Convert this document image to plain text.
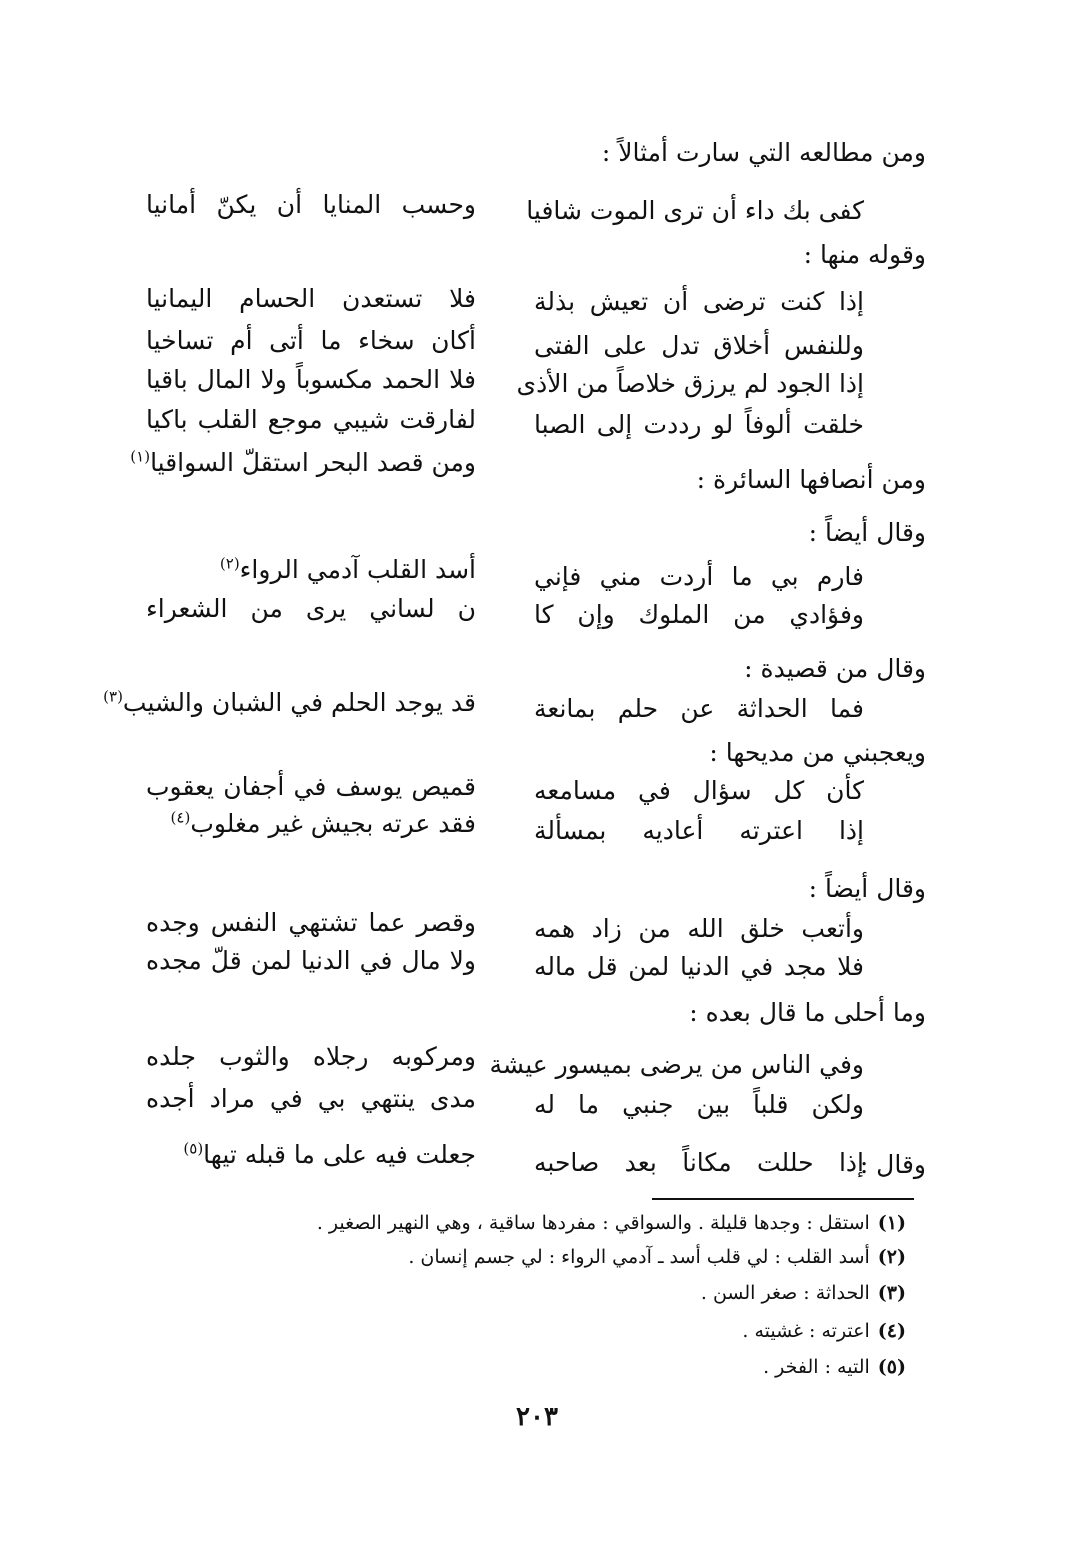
ومن مطالعه التي سارت أمثالاً :
كفى بك داء أن ترى الموت شافيا
وحسب المنايا أن يكنّ أمانيا
وقوله منها :
إذا كنت ترضى أن تعيش بذلة
فلا تستعدن الحسام اليمانيا
وللنفس أخلاق تدل على الفتى
أكان سخاء ما أتى أم تساخيا
إذا الجود لم يرزق خلاصاً من الأذى
فلا الحمد مكسوباً ولا المال باقيا
خلقت ألوفاً لو رددت إلى الصبا
لفارقت شيبي موجع القلب باكيا
ومن قصد البحر استقلّ السواقيا$^{(١)}$
ومن أنصافها السائرة :
وقال أيضاً :
فارم بي ما أردت مني فإني
أسد القلب آدمي الرواء$^{(٢)}$
وفؤادي من الملوك وإن كا
ن لساني يرى من الشعراء
وقال من قصيدة :
فما الحداثة عن حلم بمانعة
قد يوجد الحلم في الشبان والشيب$^{(٣)}$
ويعجبني من مديحها :
كأن كل سؤال في مسامعه
قميص يوسف في أجفان يعقوب
إذا اعترته أعاديه بمسألة
فقد عرته بجيش غير مغلوب$^{(٤)}$
وقال أيضاً :
وأتعب خلق الله من زاد همه
وقصر عما تشتهي النفس وجده
فلا مجد في الدنيا لمن قل ماله
ولا مال في الدنيا لمن قلّ مجده
وما أحلى ما قال بعده :
وفي الناس من يرضى بميسور عيشة
ومركوبه رجلاه والثوب جلده
ولكن قلباً بين جنبي ما له
مدى ينتهي بي في مراد أجده
وقال :
إذا حللت مكاناً بعد صاحبه
جعلت فيه على ما قبله تيها$^{(٥)}$
(١)استقل : وجدها قليلة . والسواقي : مفردها ساقية ، وهي النهير الصغير .
(٢)أسد القلب : لي قلب أسد ـ آدمي الرواء : لي جسم إنسان .
(٣)الحداثة : صغر السن .
(٤)اعترته : غشيته .
(٥)التيه : الفخر .
٢٠٣
